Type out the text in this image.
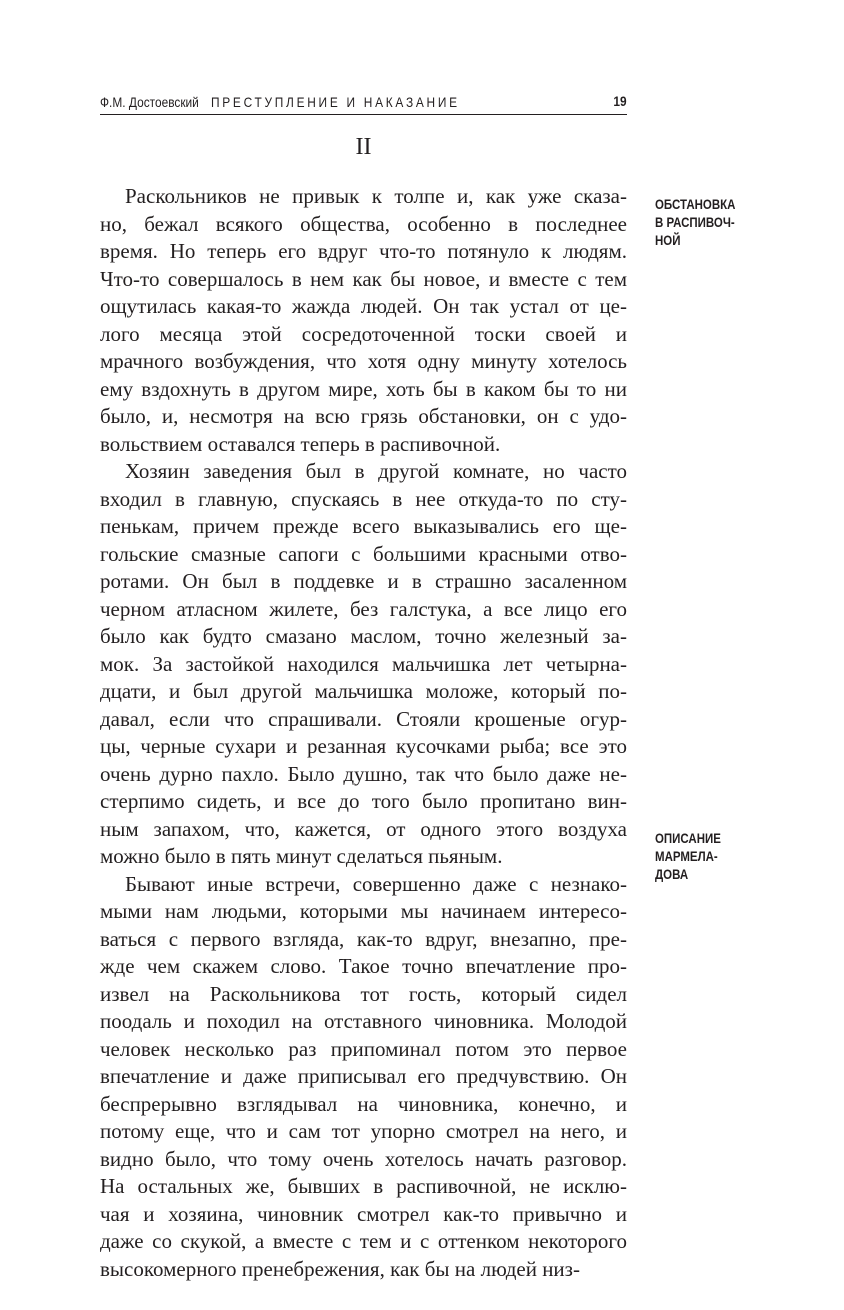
Ф.М. Достоевский ПРЕСТУПЛЕНИЕ И НАКАЗАНИЕ	19
II
Раскольников не привык к толпе и, как уже сказа-
но, бежал всякого общества, особенно в последнее
время. Но теперь его вдруг что-то потянуло к людям.
Что-то совершалось в нем как бы новое, и вместе с тем
ощутилась какая-то жажда людей. Он так устал от це-
лого месяца этой сосредоточенной тоски своей и
мрачного возбуждения, что хотя одну минуту хотелось
ему вздохнуть в другом мире, хоть бы в каком бы то ни
было, и, несмотря на всю грязь обстановки, он с удо-
вольствием оставался теперь в распивочной.
Хозяин заведения был в другой комнате, но часто
входил в главную, спускаясь в нее откуда-то по сту-
пенькам, причем прежде всего выказывались его ще-
гольские смазные сапоги с большими красными отво-
ротами. Он был в поддевке и в страшно засаленном
черном атласном жилете, без галстука, а все лицо его
было как будто смазано маслом, точно железный за-
мок. За застойкой находился мальчишка лет четырна-
дцати, и был другой мальчишка моложе, который по-
давал, если что спрашивали. Стояли крошеные огур-
цы, черные сухари и резанная кусочками рыба; все это
очень дурно пахло. Было душно, так что было даже не-
стерпимо сидеть, и все до того было пропитано вин-
ным запахом, что, кажется, от одного этого воздуха
можно было в пять минут сделаться пьяным.
Бывают иные встречи, совершенно даже с незнако-
мыми нам людьми, которыми мы начинаем интересо-
ваться с первого взгляда, как-то вдруг, внезапно, пре-
жде чем скажем слово. Такое точно впечатление про-
извел на Раскольникова тот гость, который сидел
поодаль и походил на отставного чиновника. Молодой
человек несколько раз припоминал потом это первое
впечатление и даже приписывал его предчувствию. Он
беспрерывно взглядывал на чиновника, конечно, и
потому еще, что и сам тот упорно смотрел на него, и
видно было, что тому очень хотелось начать разговор.
На остальных же, бывших в распивочной, не исклю-
чая и хозяина, чиновник смотрел как-то привычно и
даже со скукой, а вместе с тем и с оттенком некоторого
высокомерного пренебрежения, как бы на людей низ-
ОБСТАНОВКА
В РАСПИВОЧ-
НОЙ
ОПИСАНИЕ
МАРМЕЛА-
ДОВА
